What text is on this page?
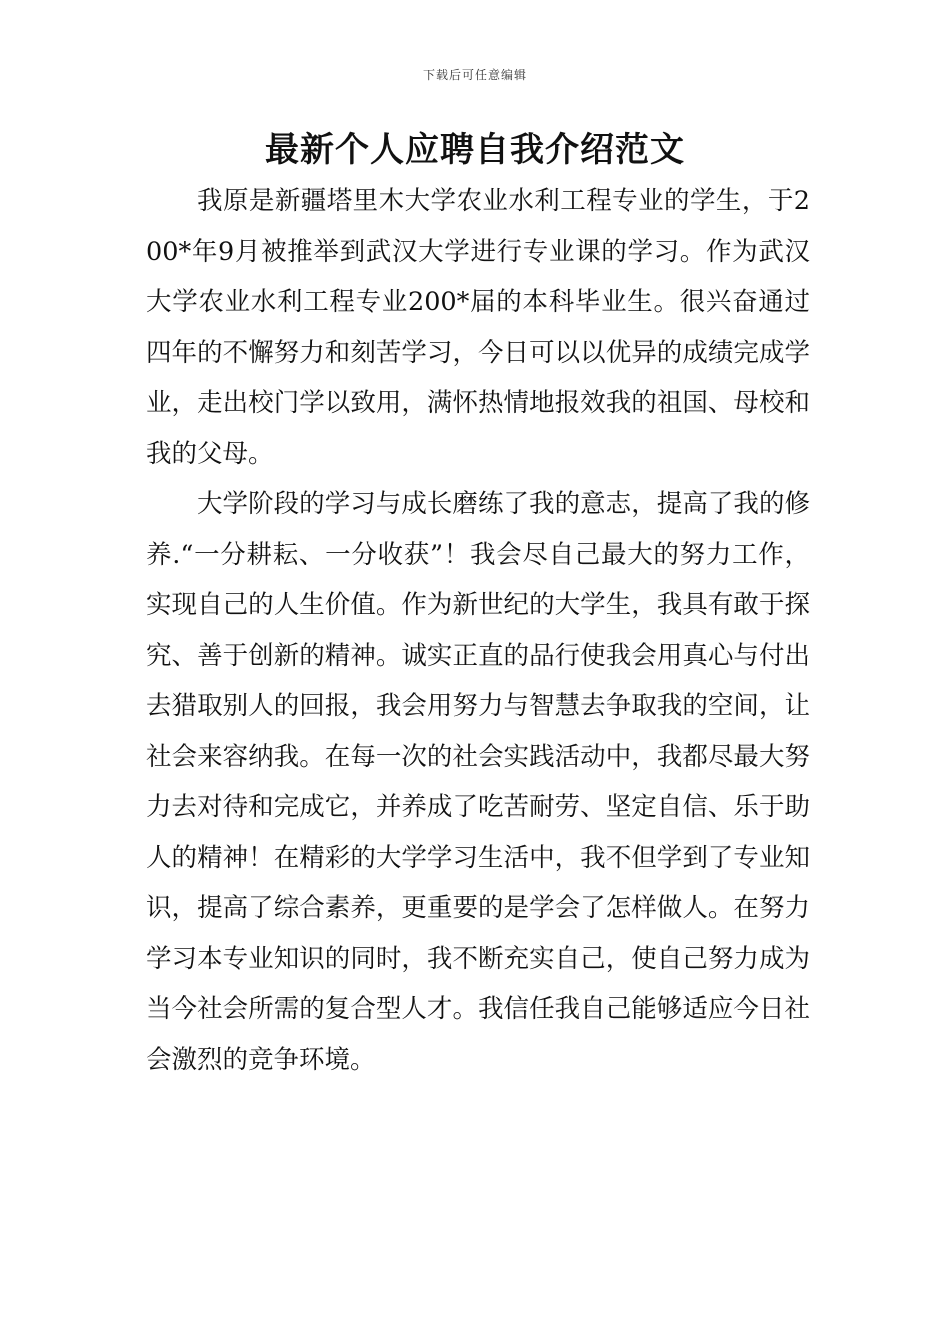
下载后可任意编辑
最新个人应聘自我介绍范文

我原是新疆塔里木大学农业水利工程专业的学生，于200*年9月被推举到武汉大学进行专业课的学习。作为武汉大学农业水利工程专业200*届的本科毕业生。很兴奋通过四年的不懈努力和刻苦学习，今日可以以优异的成绩完成学业，走出校门学以致用，满怀热情地报效我的祖国、母校和我的父母。

大学阶段的学习与成长磨练了我的意志，提高了我的修养.“一分耕耘、一分收获”！我会尽自己最大的努力工作，实现自己的人生价值。作为新世纪的大学生，我具有敢于探究、善于创新的精神。诚实正直的品行使我会用真心与付出去猎取别人的回报，我会用努力与智慧去争取我的空间，让社会来容纳我。在每一次的社会实践活动中，我都尽最大努力去对待和完成它，并养成了吃苦耐劳、坚定自信、乐于助人的精神！在精彩的大学学习生活中，我不但学到了专业知识，提高了综合素养，更重要的是学会了怎样做人。在努力学习本专业知识的同时，我不断充实自己，使自己努力成为当今社会所需的复合型人才。我信任我自己能够适应今日社会激烈的竞争环境。
